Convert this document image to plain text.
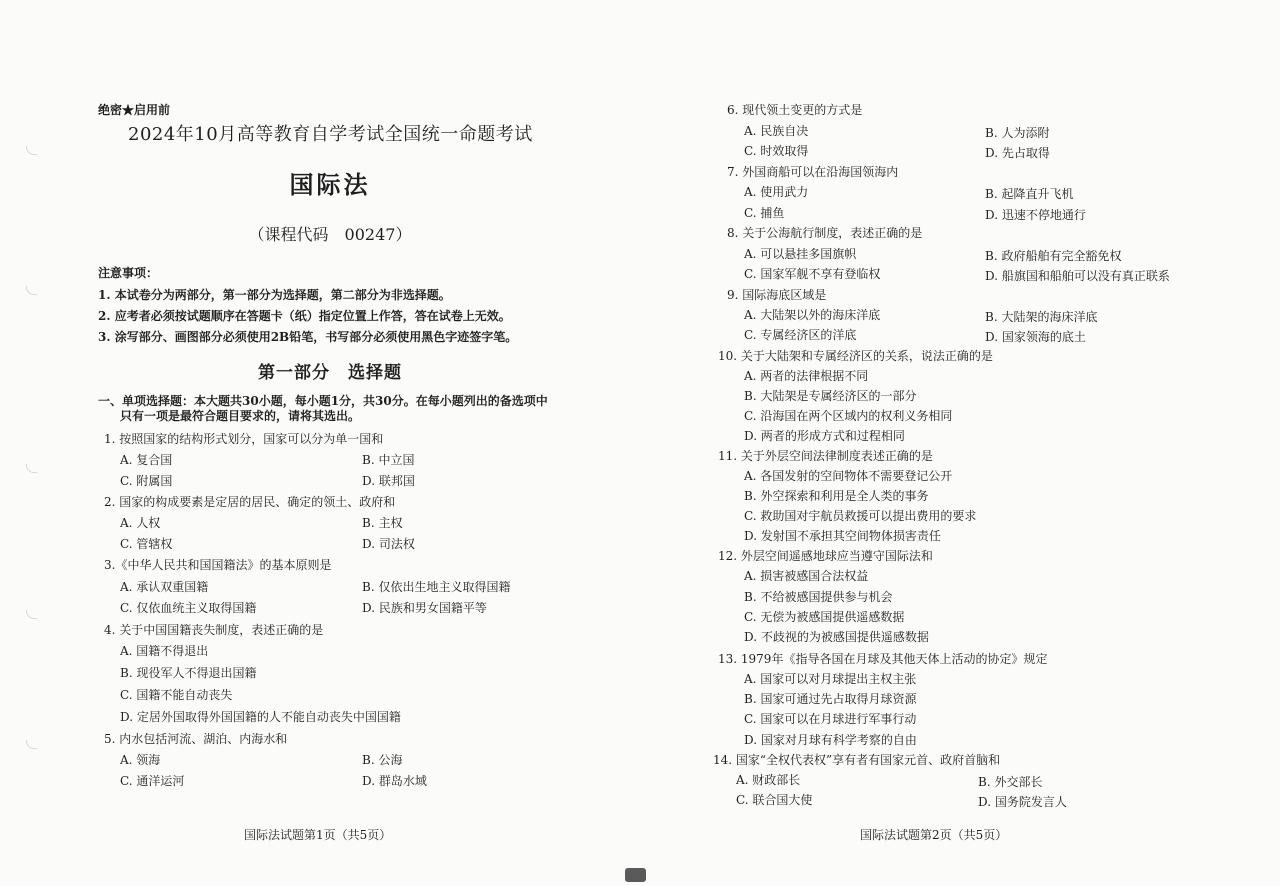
绝密★启用前
2024年10月高等教育自学考试全国统一命题考试
国际法
（课程代码　00247）
注意事项：
1. 本试卷分为两部分，第一部分为选择题，第二部分为非选择题。
2. 应考者必须按试题顺序在答题卡（纸）指定位置上作答，答在试卷上无效。
3. 涂写部分、画图部分必须使用2B铅笔，书写部分必须使用黑色字迹签字笔。
第一部分　选择题
一、单项选择题：本大题共30小题，每小题1分，共30分。在每小题列出的备选项中
只有一项是最符合题目要求的，请将其选出。
1. 按照国家的结构形式划分，国家可以分为单一国和
A. 复合国	B. 中立国
C. 附属国	D. 联邦国
2. 国家的构成要素是定居的居民、确定的领土、政府和
A. 人权	B. 主权
C. 管辖权	D. 司法权
3.《中华人民共和国国籍法》的基本原则是
A. 承认双重国籍	B. 仅依出生地主义取得国籍
C. 仅依血统主义取得国籍	D. 民族和男女国籍平等
4. 关于中国国籍丧失制度，表述正确的是
A. 国籍不得退出
B. 现役军人不得退出国籍
C. 国籍不能自动丧失
D. 定居外国取得外国国籍的人不能自动丧失中国国籍
5. 内水包括河流、湖泊、内海水和
A. 领海	B. 公海
C. 通洋运河	D. 群岛水域
国际法试题第1页（共5页）
6. 现代领土变更的方式是
A. 民族自决	B. 人为添附
C. 时效取得	D. 先占取得
7. 外国商船可以在沿海国领海内
A. 使用武力	B. 起降直升飞机
C. 捕鱼	D. 迅速不停地通行
8. 关于公海航行制度，表述正确的是
A. 可以悬挂多国旗帜	B. 政府船舶有完全豁免权
C. 国家军舰不享有登临权	D. 船旗国和船舶可以没有真正联系
9. 国际海底区域是
A. 大陆架以外的海床洋底	B. 大陆架的海床洋底
C. 专属经济区的洋底	D. 国家领海的底土
10. 关于大陆架和专属经济区的关系，说法正确的是
A. 两者的法律根据不同
B. 大陆架是专属经济区的一部分
C. 沿海国在两个区域内的权利义务相同
D. 两者的形成方式和过程相同
11. 关于外层空间法律制度表述正确的是
A. 各国发射的空间物体不需要登记公开
B. 外空探索和利用是全人类的事务
C. 救助国对宇航员救援可以提出费用的要求
D. 发射国不承担其空间物体损害责任
12. 外层空间遥感地球应当遵守国际法和
A. 损害被感国合法权益
B. 不给被感国提供参与机会
C. 无偿为被感国提供遥感数据
D. 不歧视的为被感国提供遥感数据
13. 1979年《指导各国在月球及其他天体上活动的协定》规定
A. 国家可以对月球提出主权主张
B. 国家可通过先占取得月球资源
C. 国家可以在月球进行军事行动
D. 国家对月球有科学考察的自由
14. 国家“全权代表权”享有者有国家元首、政府首脑和
A. 财政部长	B. 外交部长
C. 联合国大使	D. 国务院发言人
国际法试题第2页（共5页）
